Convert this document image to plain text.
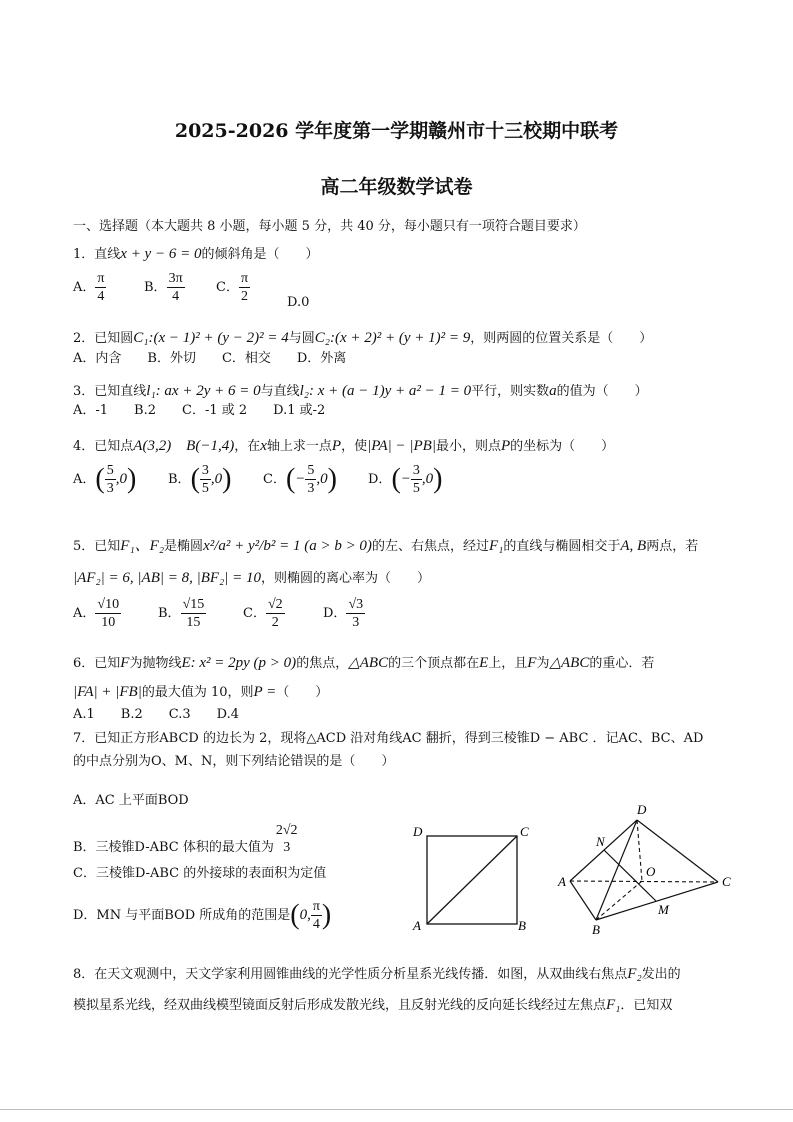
2025-2026 学年度第一学期赣州市十三校期中联考
高二年级数学试卷
一、选择题（本大题共 8 小题，每小题 5 分，共 40 分，每小题只有一项符合题目要求）
1．直线x + y − 6 = 0的倾斜角是（　　）
A． $\frac{\pi}{4}$	B． $\frac{3\pi}{4}$ C． $\frac{\pi}{2}$	D.0
2．已知圆C₁:(x − 1)² + (y − 2)² = 4与圆C₂:(x + 2)² + (y + 1)² = 9，则两圆的位置关系是（　　）
A．内含　　B．外切　　C．相交　　D．外离
3．已知直线l₁: ax + 2y + 6 = 0与直线l₂: x + (a − 1)y + a² − 1 = 0平行，则实数a的值为（　　）
A．-1　　B.2　　C．-1 或 2　　D.1 或-2
4．已知点A(3,2)　B(−1,4)，在x轴上求一点P，使|PA| − |PB|最小，则点P的坐标为（　　）
A．( $\frac{5}{3} ,0$) B．( $\frac{3}{5} ,0$) C．(− $\frac{5}{3} ,0$) D．(− $\frac{3}{5} ,0$)
5．已知F₁、F₂是椭圆x²/a² + y²/b² = 1 (a > b > 0)的左、右焦点，经过F₁的直线与椭圆相交于A, B两点，若
|AF₂| = 6, |AB| = 8, |BF₂| = 10，则椭圆的离心率为（　　）
A． $\frac{√10}{10}$	B． $\frac{√15}{15}$	C． $\frac{√2}{2}$	D． $\frac{√3}{3}$
6．已知F为抛物线E: x² = 2py (p > 0)的焦点，△ABC的三个顶点都在E上，且F为△ABC的重心．若
|FA| + |FB|的最大值为 10，则P =（　　）
A.1　　B.2　　C.3　　D.4
7．已知正方形ABCD 的边长为 2，现将△ACD 沿对角线AC 翻折，得到三棱锥D − ABC ．记AC、BC、AD
的中点分别为O、M、N，则下列结论错误的是（　　）
A．AC 上平面BOD
B．三棱锥D-ABC 体积的最大值为
2√2
3
C．三棱锥D-ABC 的外接球的表面积为定值
D．MN 与平面BOD 所成角的范围是(0, $\frac{\pi}{4}$ )
D	C
A	B
D
N
O
A	C
M
B
8．在天文观测中，天文学家利用圆锥曲线的光学性质分析星系光线传播．如图，从双曲线右焦点F₂发出的
模拟星系光线，经双曲线模型镜面反射后形成发散光线，且反射光线的反向延长线经过左焦点F₁．已知双
